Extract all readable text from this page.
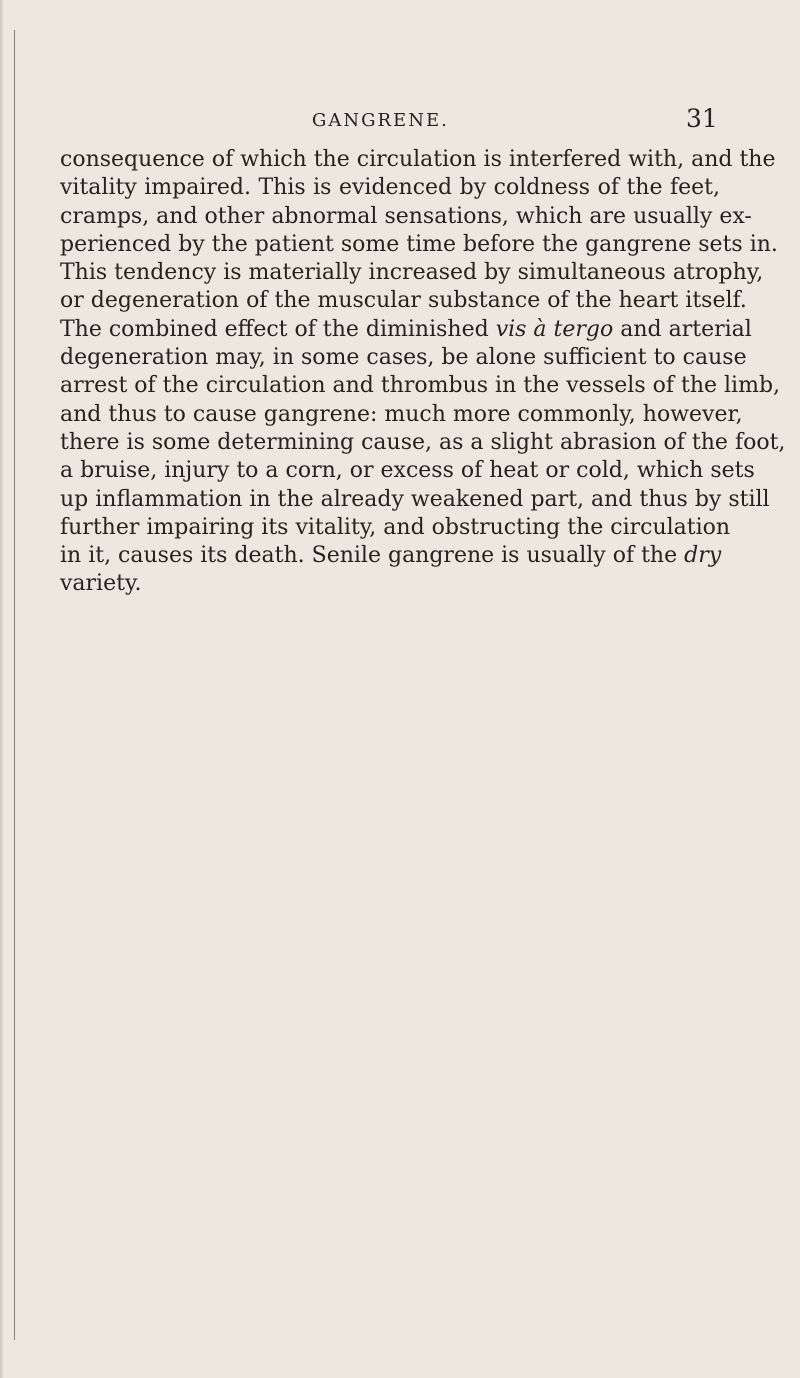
GANGRENE.	31
consequence of which the circulation is interfered with, and the
vitality impaired. This is evidenced by coldness of the feet,
cramps, and other abnormal sensations, which are usually ex-
perienced by the patient some time before the gangrene sets in.
This tendency is materially increased by simultaneous atrophy,
or degeneration of the muscular substance of the heart itself.
The combined effect of the diminished vis à tergo and arterial
degeneration may, in some cases, be alone sufficient to cause
arrest of the circulation and thrombus in the vessels of the limb,
and thus to cause gangrene: much more commonly, however,
there is some determining cause, as a slight abrasion of the foot,
a bruise, injury to a corn, or excess of heat or cold, which sets
up inflammation in the already weakened part, and thus by still
further impairing its vitality, and obstructing the circulation
in it, causes its death. Senile gangrene is usually of the dry
variety.
